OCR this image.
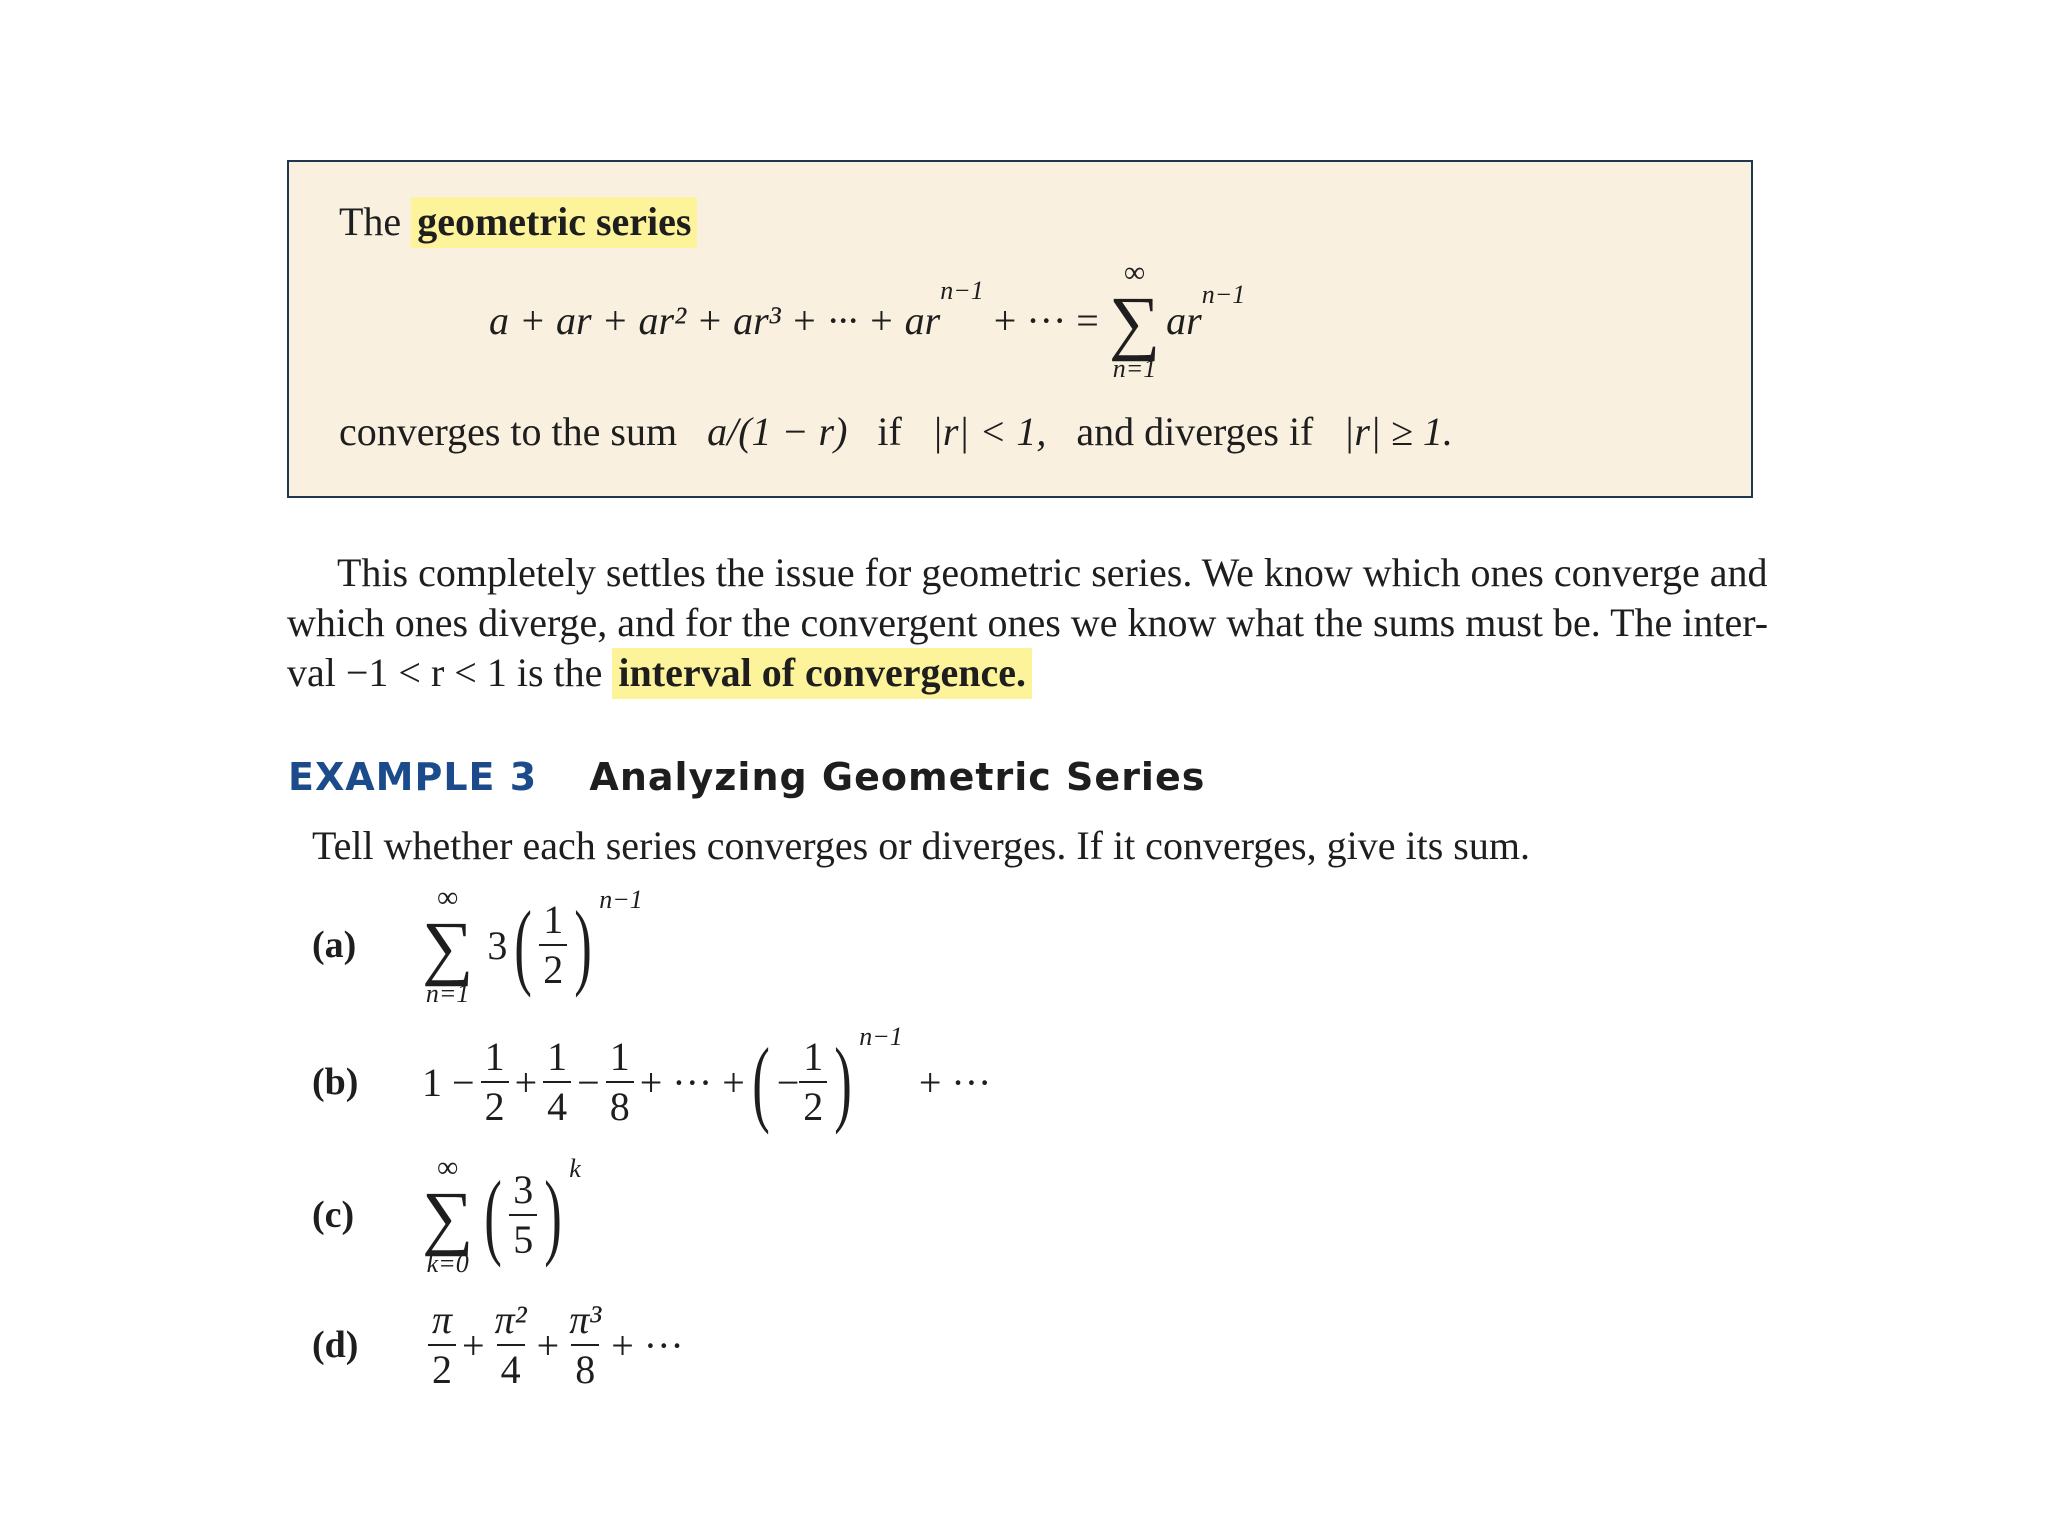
The geometric series
a + ar + ar² + ar³ + ··· + ar
$^{n-1}$
+ ··· =
∞
∑
n=1
ar
$^{n-1}$
converges to the sum a/(1 − r) if |r| < 1, and diverges if |r| ≥ 1.
This completely settles the issue for geometric series. We know which ones converge and
which ones diverge, and for the convergent ones we know what the sums must be. The inter-
val −1 < r < 1 is the interval of convergence.
EXAMPLE 3 Analyzing Geometric Series
Tell whether each series converges or diverges. If it converges, give its sum.
(a)
∞
∑
n=1
3 ( $\frac{1}{2}$ ) $^{n-1}$
(b)	$1 - \frac{1}{2} + \frac{1}{4} - \frac{1}{8}$ + ··· + ( − $\frac{1}{2}$ ) $^{n-1}$
+ ···
(c)
∞
∑
k=0 ( $\frac{3}{5}$ ) $^k$
(d)	$\frac{\pi}{2} + \frac{\text{π²}}{4} + \frac{\text{π³}}{8}$ + ···
